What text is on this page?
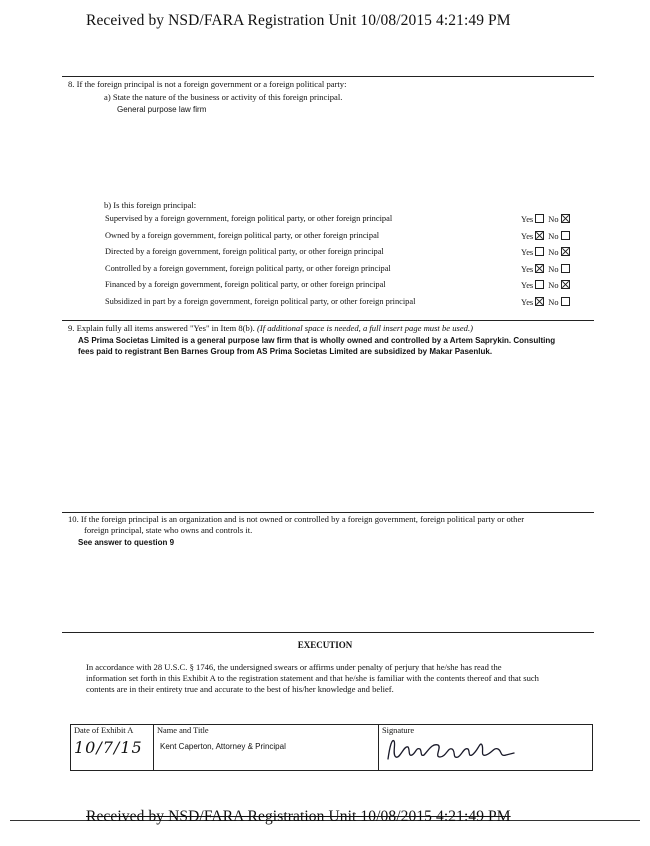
Received by NSD/FARA Registration Unit 10/08/2015 4:21:49 PM
8. If the foreign principal is not a foreign government or a foreign political party:
a) State the nature of the business or activity of this foreign principal.
General purpose law firm
b) Is this foreign principal:
Supervised by a foreign government, foreign political party, or other foreign principal	Yes No
Owned by a foreign government, foreign political party, or other foreign principal	Yes No
Directed by a foreign government, foreign political party, or other foreign principal	Yes No
Controlled by a foreign government, foreign political party, or other foreign principal	Yes No
Financed by a foreign government, foreign political party, or other foreign principal	Yes No
Subsidized in part by a foreign government, foreign political party, or other foreign principal	Yes No
9. Explain fully all items answered "Yes" in Item 8(b). (If additional space is needed, a full insert page must be used.)
AS Prima Societas Limited is a general purpose law firm that is wholly owned and controlled by a Artem Saprykin. Consulting
fees paid to registrant Ben Barnes Group from AS Prima Societas Limited are subsidized by Makar Pasenluk.
10. If the foreign principal is an organization and is not owned or controlled by a foreign government, foreign political party or other
foreign principal, state who owns and controls it.
See answer to question 9
EXECUTION
In accordance with 28 U.S.C. § 1746, the undersigned swears or affirms under penalty of perjury that he/she has read the
information set forth in this Exhibit A to the registration statement and that he/she is familiar with the contents thereof and that such
contents are in their entirety true and accurate to the best of his/her knowledge and belief.
Date of Exhibit A
10/7/15

Name and Title
Kent Caperton, Attorney & Principal

Signature
Received by NSD/FARA Registration Unit 10/08/2015 4:21:49 PM
